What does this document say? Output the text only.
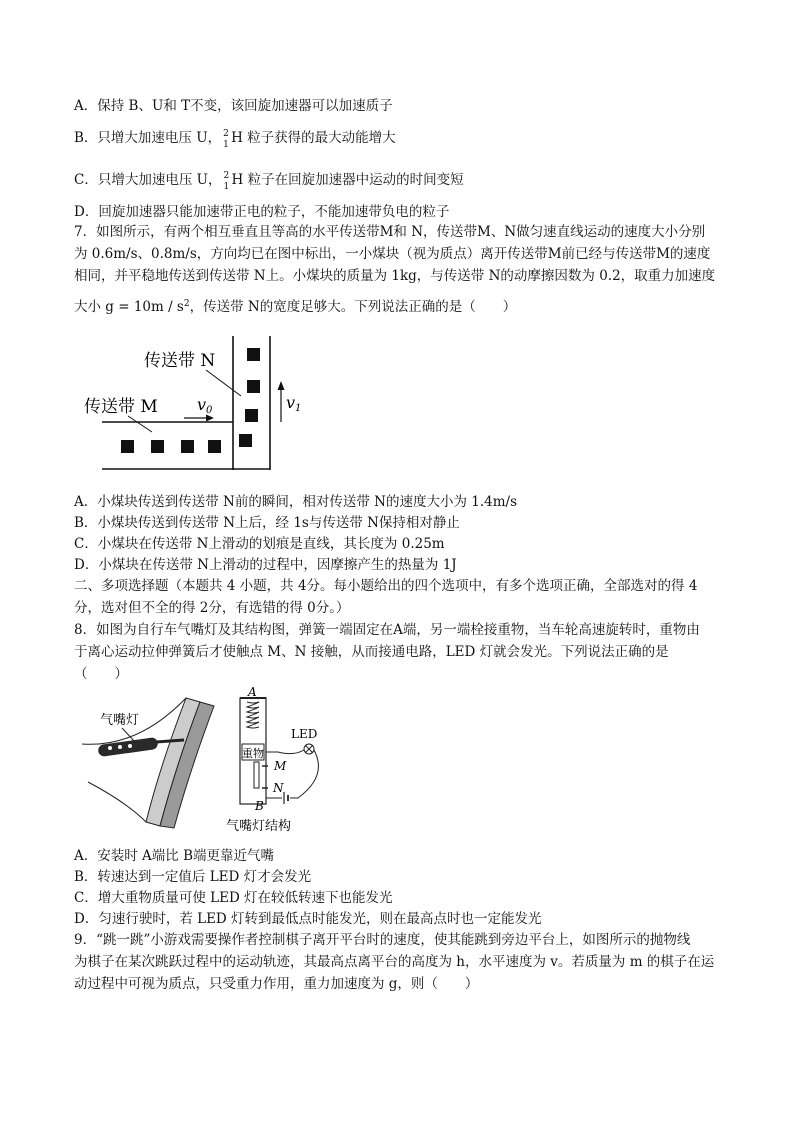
A．保持 B、U和 T不变，该回旋加速器可以加速质子
B．只增大加速电压 U， 2
1 H 粒子获得的最大动能增大
C．只增大加速电压 U， 2
1 H 粒子在回旋加速器中运动的时间变短
D．回旋加速器只能加速带正电的粒子，不能加速带负电的粒子
7．如图所示，有两个相互垂直且等高的水平传送带M和 N，传送带M、N做匀速直线运动的速度大小分别
为 0.6m/s、0.8m/s，方向均已在图中标出，一小煤块（视为质点）离开传送带M前已经与传送带M的速度
相同，并平稳地传送到传送带 N上。小煤块的质量为 1kg，与传送带 N的动摩擦因数为 0.2，取重力加速度
大小 $g = 10m / s^2$，传送带 N的宽度足够大。下列说法正确的是（　　）
传送带 N
传送带 M v0	v1
A．小煤块传送到传送带 N前的瞬间，相对传送带 N的速度大小为 1.4m/s
B．小煤块传送到传送带 N上后，经 1s与传送带 N保持相对静止
C．小煤块在传送带 N上滑动的划痕是直线，其长度为 0.25m
D．小煤块在传送带 N上滑动的过程中，因摩擦产生的热量为 1J
二、多项选择题（本题共 4 小题，共 4分。每小题给出的四个选项中，有多个选项正确，全部选对的得 4
分，选对但不全的得 2分，有选错的得 0分。）
8．如图为自行车气嘴灯及其结构图，弹簧一端固定在A端，另一端栓接重物，当车轮高速旋转时，重物由
于离心运动拉伸弹簧后才使触点 M、N 接触，从而接通电路，LED 灯就会发光。下列说法正确的是
（　　）
气嘴灯
重物
A
B
M
N
LED
气嘴灯结构
A．安装时 A端比 B端更靠近气嘴
B．转速达到一定值后 LED 灯才会发光
C．增大重物质量可使 LED 灯在较低转速下也能发光
D．匀速行驶时，若 LED 灯转到最低点时能发光，则在最高点时也一定能发光
9．“跳一跳”小游戏需要操作者控制棋子离开平台时的速度，使其能跳到旁边平台上，如图所示的抛物线
为棋子在某次跳跃过程中的运动轨迹，其最高点离平台的高度为 h，水平速度为 v。若质量为 m 的棋子在运
动过程中可视为质点，只受重力作用，重力加速度为 g，则（　　）
